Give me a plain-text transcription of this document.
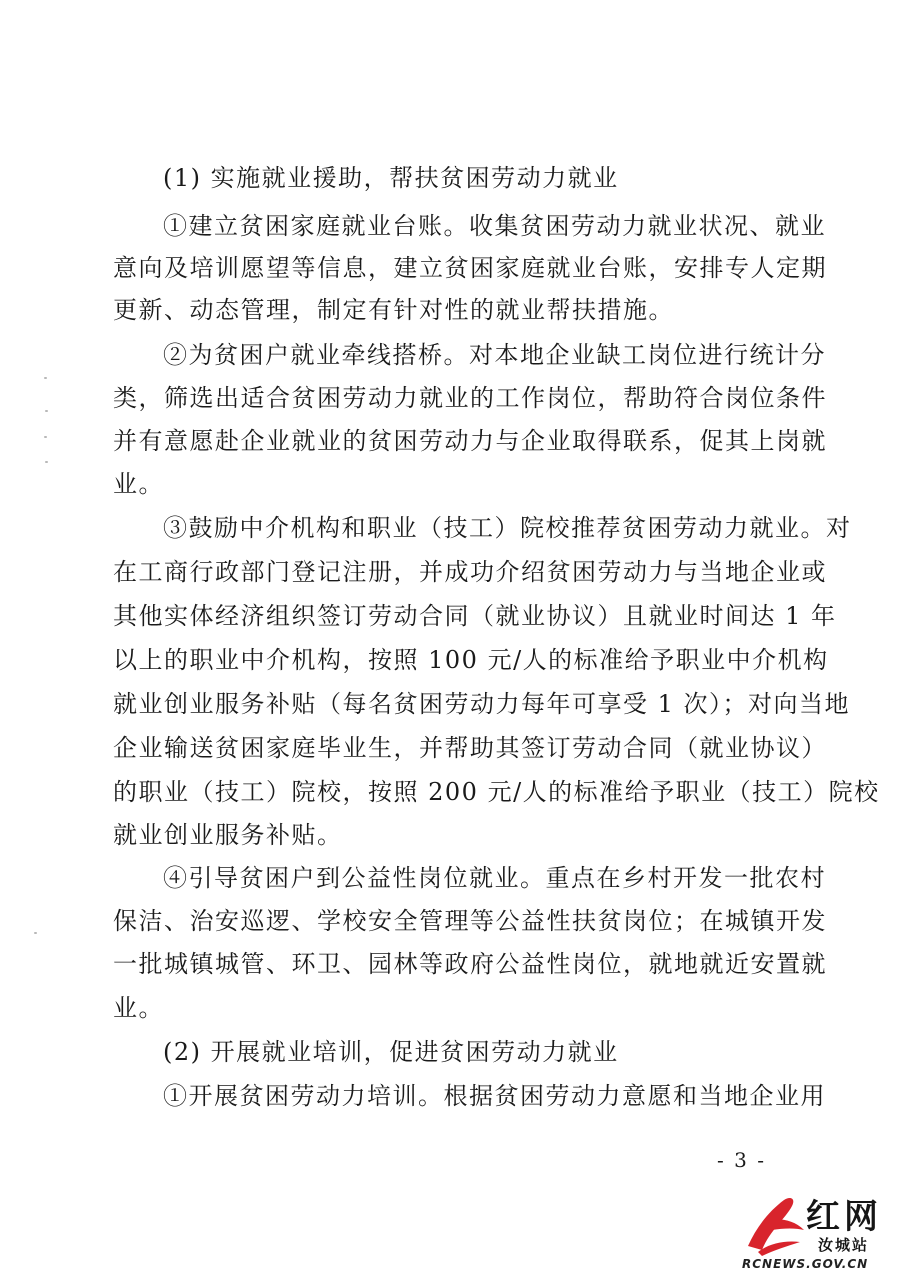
(1) 实施就业援助，帮扶贫困劳动力就业
①建立贫困家庭就业台账。收集贫困劳动力就业状况、就业
意向及培训愿望等信息，建立贫困家庭就业台账，安排专人定期
更新、动态管理，制定有针对性的就业帮扶措施。
②为贫困户就业牵线搭桥。对本地企业缺工岗位进行统计分
类，筛选出适合贫困劳动力就业的工作岗位，帮助符合岗位条件
并有意愿赴企业就业的贫困劳动力与企业取得联系，促其上岗就
业。
③鼓励中介机构和职业（技工）院校推荐贫困劳动力就业。对
在工商行政部门登记注册，并成功介绍贫困劳动力与当地企业或
其他实体经济组织签订劳动合同（就业协议）且就业时间达 1 年
以上的职业中介机构，按照 100 元/人的标准给予职业中介机构
就业创业服务补贴（每名贫困劳动力每年可享受 1 次）；对向当地
企业输送贫困家庭毕业生，并帮助其签订劳动合同（就业协议）
的职业（技工）院校，按照 200 元/人的标准给予职业（技工）院校
就业创业服务补贴。
④引导贫困户到公益性岗位就业。重点在乡村开发一批农村
保洁、治安巡逻、学校安全管理等公益性扶贫岗位；在城镇开发
一批城镇城管、环卫、园林等政府公益性岗位，就地就近安置就
业。
(2) 开展就业培训，促进贫困劳动力就业
①开展贫困劳动力培训。根据贫困劳动力意愿和当地企业用
- 3 -
红网
汝城站
RCNEWS.GOV.CN
